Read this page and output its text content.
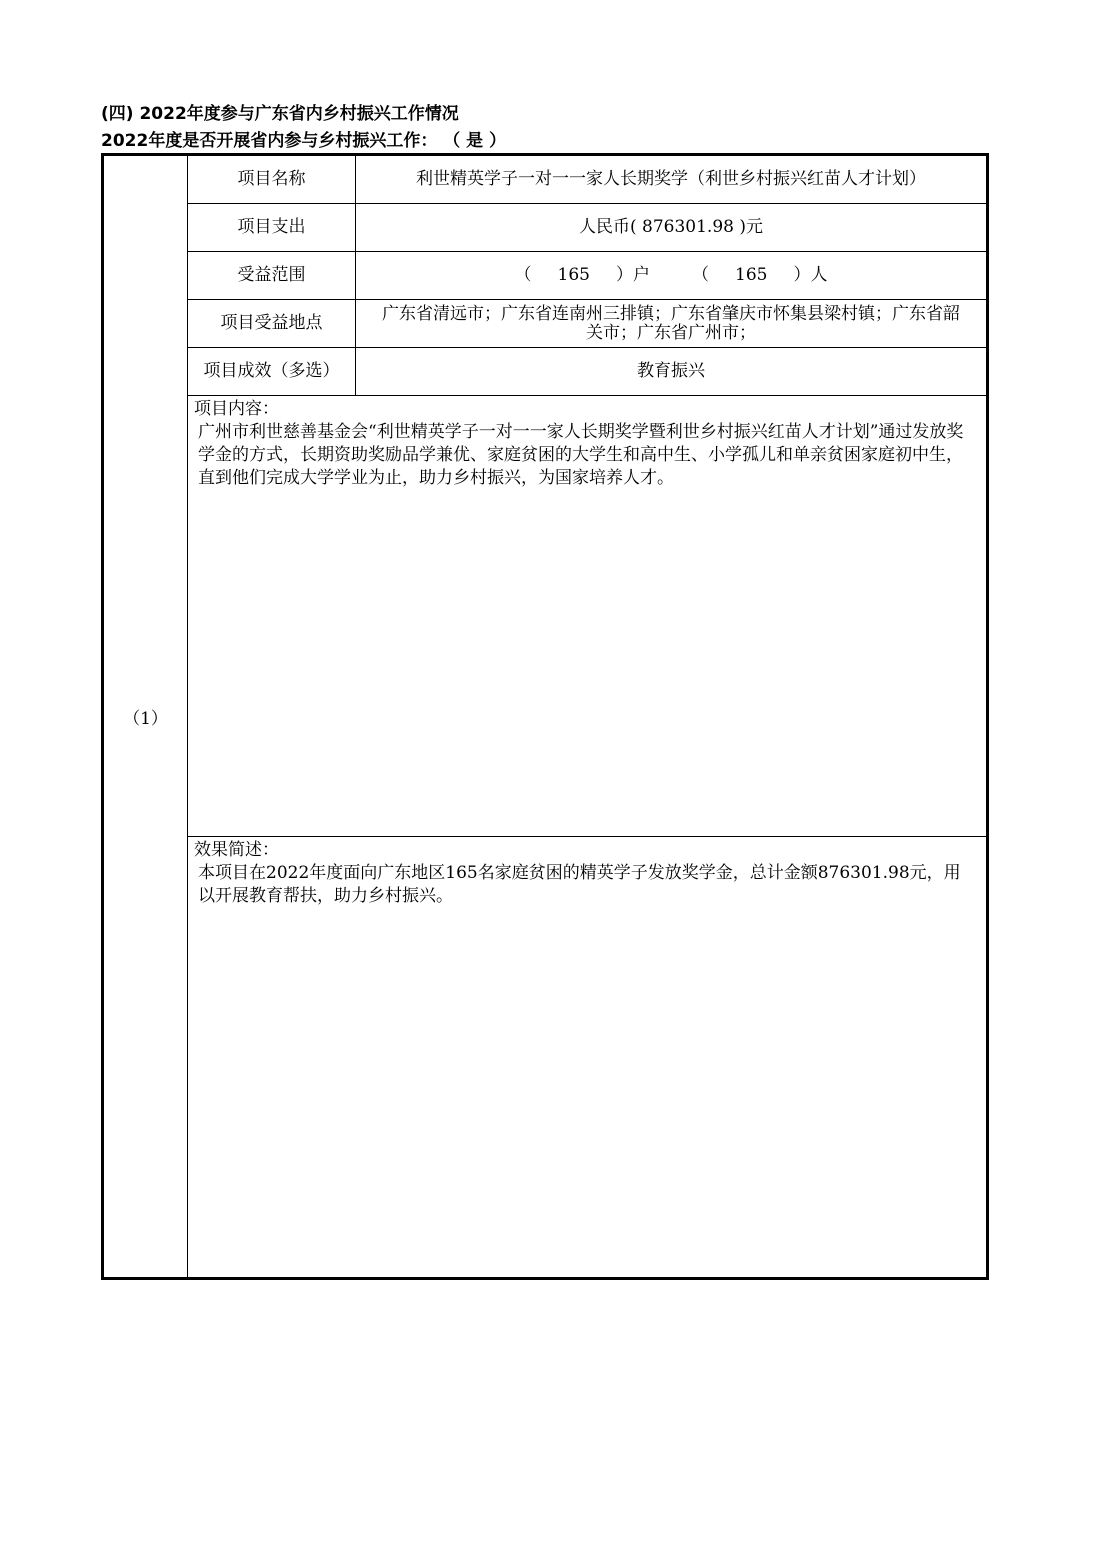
(四) 2022年度参与广东省内乡村振兴工作情况
2022年度是否开展省内参与乡村振兴工作： （ 是 ）
（1）	项目名称	利世精英学子一对一一家人长期奖学（利世乡村振兴红苗人才计划）
	项目支出	人民币( 876301.98 )元
	受益范围	（ 165 ）户 （ 165 ）人
	项目受益地点	广东省清远市；广东省连南州三排镇；广东省肇庆市怀集县梁村镇；广东省韶关市；广东省广州市；
	项目成效（多选）	教育振兴

	项目内容：
广州市利世慈善基金会“利世精英学子一对一一家人长期奖学暨利世乡村振兴红苗人才计划”通过发放奖学金的方式，长期资助奖励品学兼优、家庭贫困的大学生和高中生、小学孤儿和单亲贫困家庭初中生，直到他们完成大学学业为止，助力乡村振兴，为国家培养人才。	

	效果简述：
本项目在2022年度面向广东地区165名家庭贫困的精英学子发放奖学金，总计金额876301.98元，用以开展教育帮扶，助力乡村振兴。	
